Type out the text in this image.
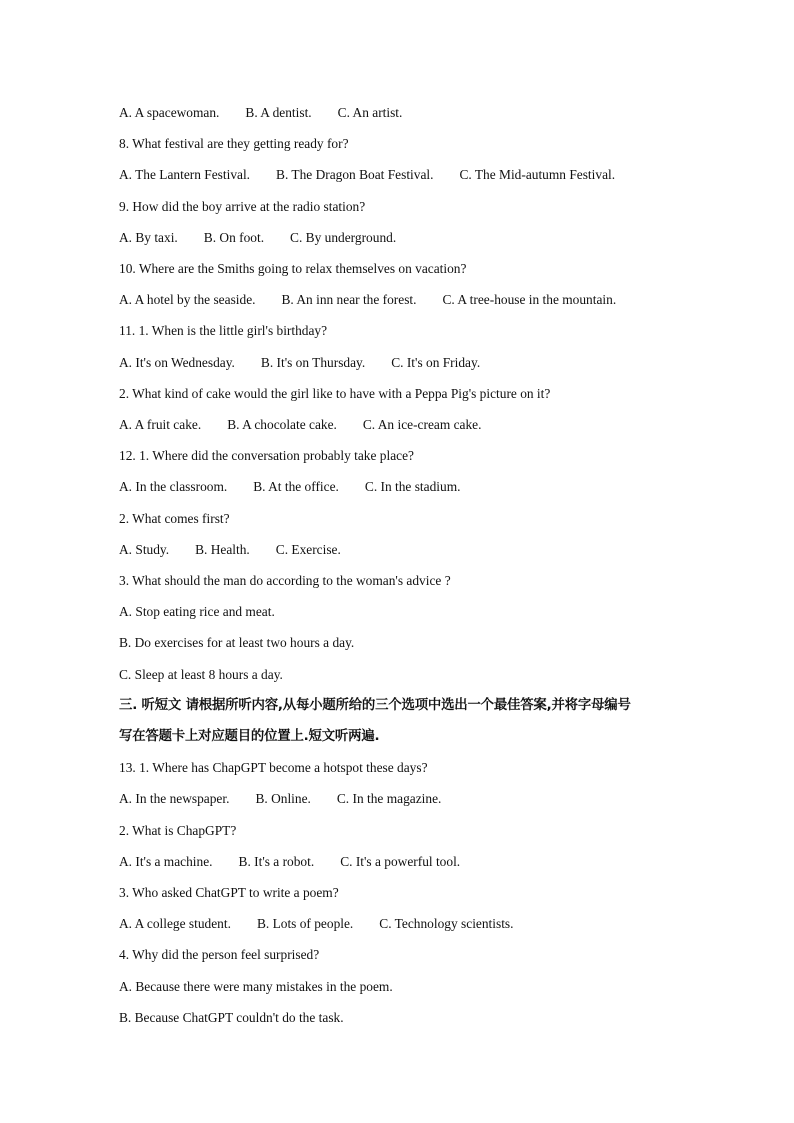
A. A spacewoman. B. A dentist. C. An artist.
8. What festival are they getting ready for?
A. The Lantern Festival. B. The Dragon Boat Festival. C. The Mid-autumn Festival.
9. How did the boy arrive at the radio station?
A. By taxi. B. On foot. C. By underground.
10. Where are the Smiths going to relax themselves on vacation?
A. A hotel by the seaside. B. An inn near the forest. C. A tree-house in the mountain.
11. 1. When is the little girl's birthday?
A. It's on Wednesday. B. It's on Thursday. C. It's on Friday.
2. What kind of cake would the girl like to have with a Peppa Pig's picture on it?
A. A fruit cake. B. A chocolate cake. C. An ice-cream cake.
12. 1. Where did the conversation probably take place?
A. In the classroom. B. At the office. C. In the stadium.
2. What comes first?
A. Study. B. Health. C. Exercise.
3. What should the man do according to the woman's advice ?
A. Stop eating rice and meat.
B. Do exercises for at least two hours a day.
C. Sleep at least 8 hours a day.
三. 听短文 请根据所听内容,从每小题所给的三个选项中选出一个最佳答案,并将字母编号
写在答题卡上对应题目的位置上.短文听两遍.
13. 1. Where has ChapGPT become a hotspot these days?
A. In the newspaper. B. Online. C. In the magazine.
2. What is ChapGPT?
A. It's a machine. B. It's a robot. C. It's a powerful tool.
3. Who asked ChatGPT to write a poem?
A. A college student. B. Lots of people. C. Technology scientists.
4. Why did the person feel surprised?
A. Because there were many mistakes in the poem.
B. Because ChatGPT couldn't do the task.
